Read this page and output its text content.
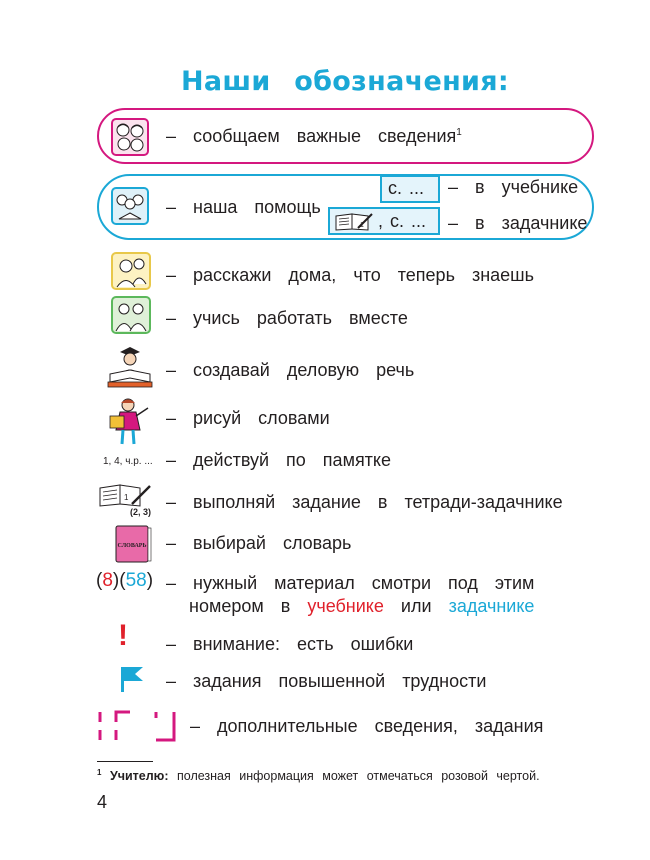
Наши обозначения:
– сообщаем важные сведения$^1$
– наша помощь
с. ...	– в учебнике
1 , с. ... – в задачнике
– расскажи дома, что теперь знаешь
– учись работать вместе
– создавай деловую речь
– рисуй словами
1, 4, ч.р. ... – действуй по памятке
1
(2, 3) – выполняй задание в тетради-задачнике
СЛОВАРЬ – выбирай словарь
(8)(58) – нужный материал смотри под этим
номером в учебнике или задачнике
! – внимание: есть ошибки
– задания повышенной трудности
– дополнительные сведения, задания
$^1$ Учителю: полезная информация может отмечаться розовой чертой.
4
